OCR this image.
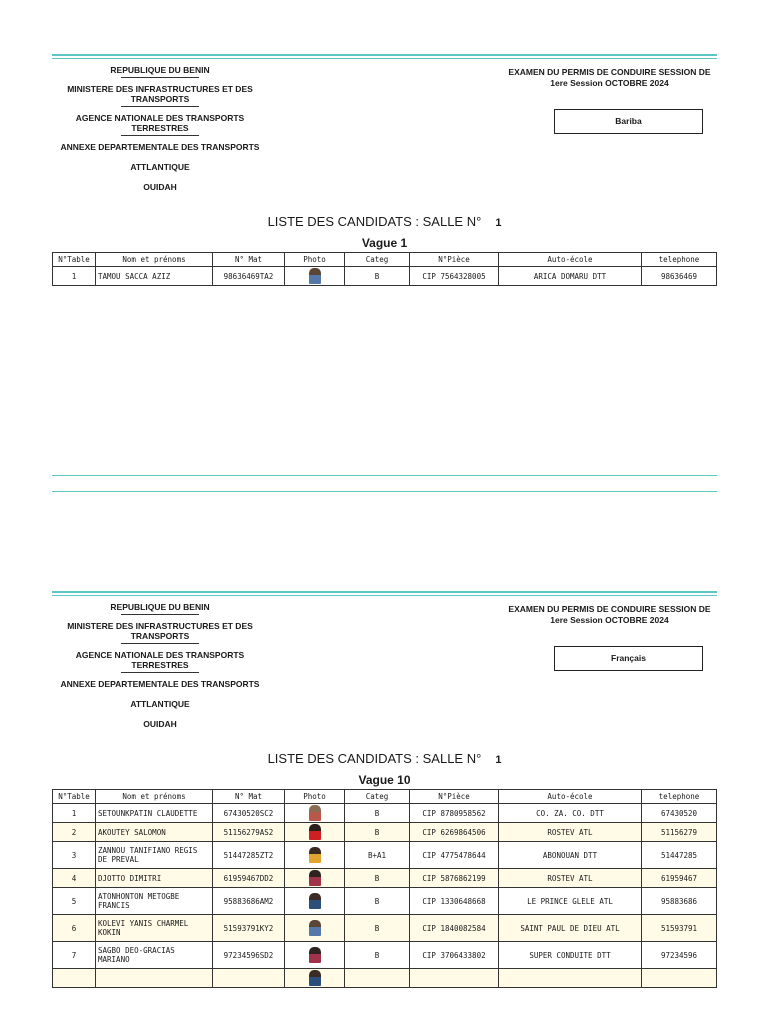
REPUBLIQUE DU BENIN
MINISTERE DES INFRASTRUCTURES ET DES TRANSPORTS
AGENCE NATIONALE DES TRANSPORTS TERRESTRES
ANNEXE DEPARTEMENTALE DES TRANSPORTS
ATTLANTIQUE
OUIDAH
EXAMEN DU PERMIS DE CONDUIRE SESSION DE 1ere Session OCTOBRE 2024
Bariba
LISTE DES CANDIDATS : SALLE N° 1
Vague 1
N°Table	Nom et prénoms	N° Mat	Photo	Categ	N°Pièce	Auto-école	telephone
1	TAMOU SACCA AZIZ	98636469TA2		B	CIP 7564328005	ARICA DOMARU DTT	98636469
REPUBLIQUE DU BENIN
MINISTERE DES INFRASTRUCTURES ET DES TRANSPORTS
AGENCE NATIONALE DES TRANSPORTS TERRESTRES
ANNEXE DEPARTEMENTALE DES TRANSPORTS
ATTLANTIQUE
OUIDAH
EXAMEN DU PERMIS DE CONDUIRE SESSION DE 1ere Session OCTOBRE 2024
Français
LISTE DES CANDIDATS : SALLE N° 1
Vague 10
N°Table	Nom et prénoms	N° Mat	Photo	Categ	N°Pièce	Auto-école	telephone
1	SETOUNKPATIN CLAUDETTE	67430520SC2		B	CIP 8780958562	CO. ZA. CO. DTT	67430520
2	AKOUTEY SALOMON	51156279AS2		B	CIP 6269864506	ROSTEV ATL	51156279
3	ZANNOU TANIFIANO REGIS DE PREVAL	51447285ZT2		B+A1	CIP 4775478644	ABONOUAN DTT	51447285
4	DJOTTO DIMITRI	61959467DD2		B	CIP 5876862199	ROSTEV ATL	61959467
5	ATONHONTON METOGBE FRANCIS	95883686AM2		B	CIP 1330648668	LE PRINCE GLELE ATL	95883686
6	KOLEVI YANIS CHARMEL KOKIN	51593791KY2		B	CIP 1840082584	SAINT PAUL DE DIEU ATL	51593791
7	SAGBO DEO-GRACIAS MARIANO	97234596SD2		B	CIP 3706433802	SUPER CONDUITE DTT	97234596
